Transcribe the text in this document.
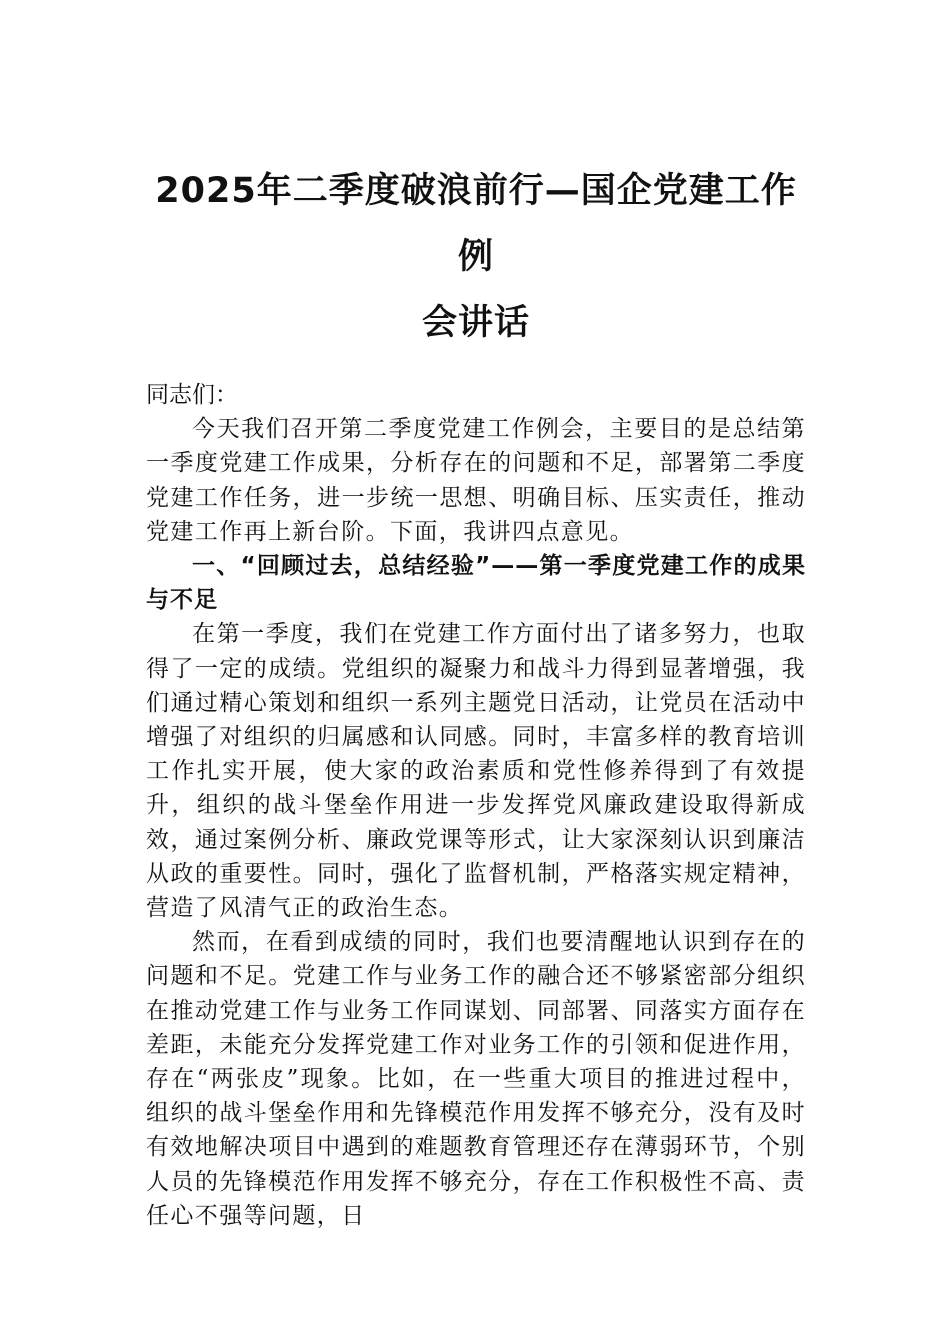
2025年二季度破浪前行—国企党建工作例
会讲话

同志们：

今天我们召开第二季度党建工作例会，主要目的是总结第一季度党建工作成果，分析存在的问题和不足，部署第二季度党建工作任务，进一步统一思想、明确目标、压实责任，推动党建工作再上新台阶。下面，我讲四点意见。

一、“回顾过去，总结经验”——第一季度党建工作的成果与不足

在第一季度，我们在党建工作方面付出了诸多努力，也取得了一定的成绩。党组织的凝聚力和战斗力得到显著增强，我们通过精心策划和组织一系列主题党日活动，让党员在活动中增强了对组织的归属感和认同感。同时，丰富多样的教育培训工作扎实开展，使大家的政治素质和党性修养得到了有效提升，组织的战斗堡垒作用进一步发挥党风廉政建设取得新成效，通过案例分析、廉政党课等形式，让大家深刻认识到廉洁从政的重要性。同时，强化了监督机制，严格落实规定精神，营造了风清气正的政治生态。

然而，在看到成绩的同时，我们也要清醒地认识到存在的问题和不足。党建工作与业务工作的融合还不够紧密部分组织在推动党建工作与业务工作同谋划、同部署、同落实方面存在差距，未能充分发挥党建工作对业务工作的引领和促进作用，存在“两张皮”现象。比如，在一些重大项目的推进过程中，组织的战斗堡垒作用和先锋模范作用发挥不够充分，没有及时有效地解决项目中遇到的难题教育管理还存在薄弱环节，个别人员的先锋模范作用发挥不够充分，存在工作积极性不高、责任心不强等问题，日
